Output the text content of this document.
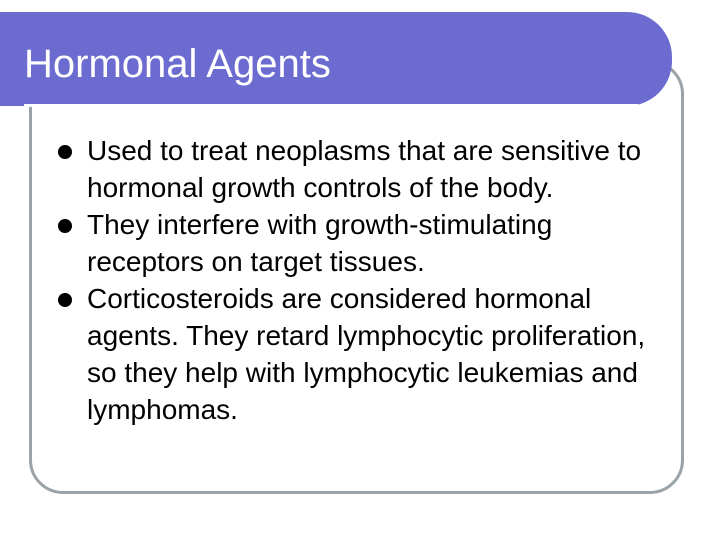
Hormonal Agents
Used to treat neoplasms that are sensitive to hormonal growth controls of the body.
They interfere with growth-stimulating receptors on target tissues.
Corticosteroids are considered hormonal agents. They retard lymphocytic proliferation, so they help with lymphocytic leukemias and lymphomas.
